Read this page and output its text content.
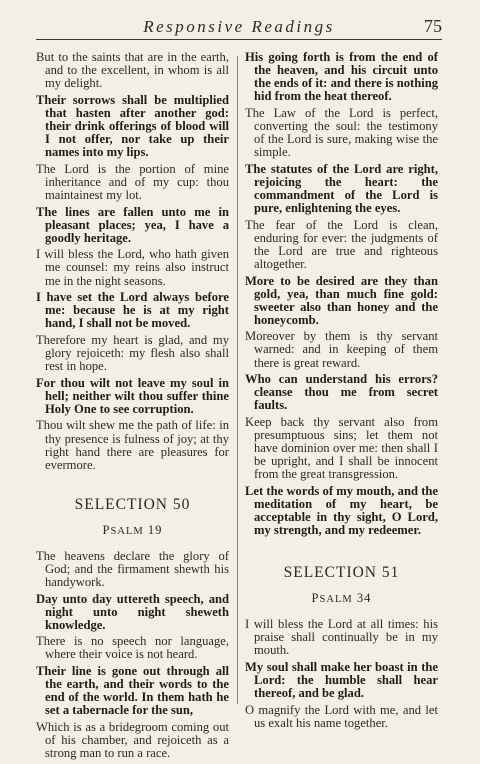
Responsive Readings	75

But to the saints that are in the earth, and to the excellent, in whom is all my delight.

Their sorrows shall be multiplied that hasten after another god: their drink offerings of blood will I not offer, nor take up their names into my lips.

The Lord is the portion of mine inheritance and of my cup: thou maintainest my lot.

The lines are fallen unto me in pleasant places; yea, I have a goodly heritage.

I will bless the Lord, who hath given me counsel: my reins also instruct me in the night seasons.

I have set the Lord always before me: because he is at my right hand, I shall not be moved.

Therefore my heart is glad, and my glory rejoiceth: my flesh also shall rest in hope.

For thou wilt not leave my soul in hell; neither wilt thou suffer thine Holy One to see corruption.

Thou wilt shew me the path of life: in thy presence is fulness of joy; at thy right hand there are pleasures for evermore.

SELECTION 50
PSALM 19

The heavens declare the glory of God; and the firmament shewth his handywork.

Day unto day uttereth speech, and night unto night sheweth knowledge.

There is no speech nor language, where their voice is not heard.

Their line is gone out through all the earth, and their words to the end of the world. In them hath he set a tabernacle for the sun,

Which is as a bridegroom coming out of his chamber, and rejoiceth as a strong man to run a race.

His going forth is from the end of the heaven, and his circuit unto the ends of it: and there is nothing hid from the heat thereof.

The Law of the Lord is perfect, converting the soul: the testimony of the Lord is sure, making wise the simple.

The statutes of the Lord are right, rejoicing the heart: the commandment of the Lord is pure, enlightening the eyes.

The fear of the Lord is clean, enduring for ever: the judgments of the Lord are true and righteous altogether.

More to be desired are they than gold, yea, than much fine gold: sweeter also than honey and the honeycomb.

Moreover by them is thy servant warned: and in keeping of them there is great reward.

Who can understand his errors? cleanse thou me from secret faults.

Keep back thy servant also from presumptuous sins; let them not have dominion over me: then shall I be upright, and I shall be innocent from the great transgression.

Let the words of my mouth, and the meditation of my heart, be acceptable in thy sight, O Lord, my strength, and my redeemer.

SELECTION 51
PSALM 34

I will bless the Lord at all times: his praise shall continually be in my mouth.

My soul shall make her boast in the Lord: the humble shall hear thereof, and be glad.

O magnify the Lord with me, and let us exalt his name together.
